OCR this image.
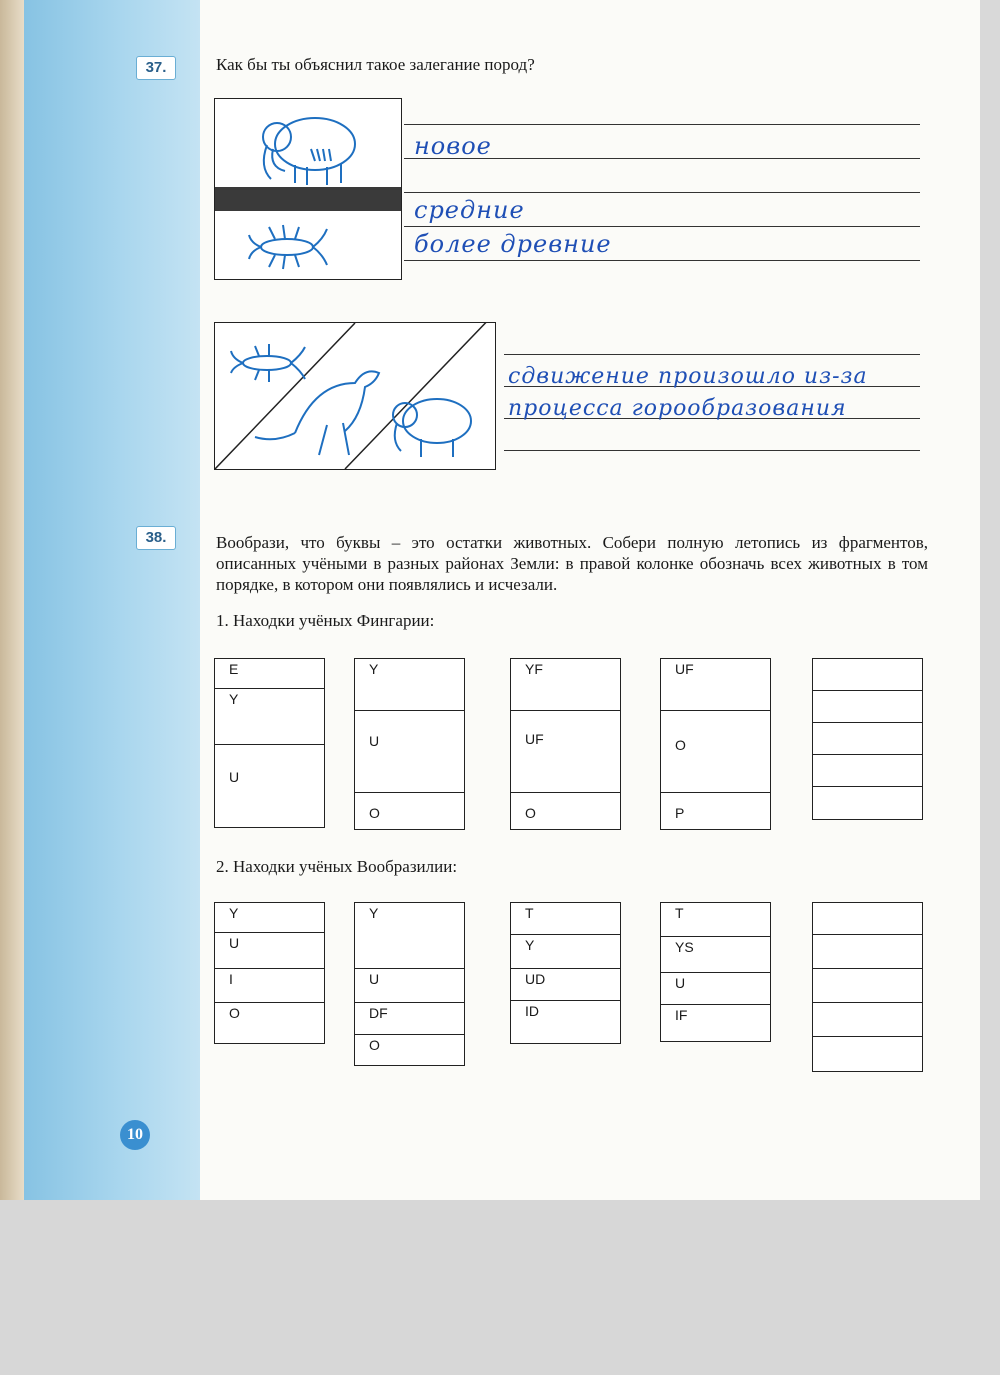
37.	Как бы ты объяснил такое залегание пород?
новое
средние
более древние
сдвижение произошло из-за
процесса горообразования
38.	Вообрази, что буквы – это остатки животных. Собери полную летопись из фрагментов, описанных учёными в разных районах Земли: в правой колонке обозначь всех животных в том порядке, в котором они появлялись и исчезали.
1. Находки учёных Фингарии:
E
Y
U
Y
U
O
YF
UF
O
UF
O
P
2. Находки учёных Вообразилии:
Y
U
I
O
Y
U
DF
O
T
Y
UD
ID
T
YS
U
IF
10
